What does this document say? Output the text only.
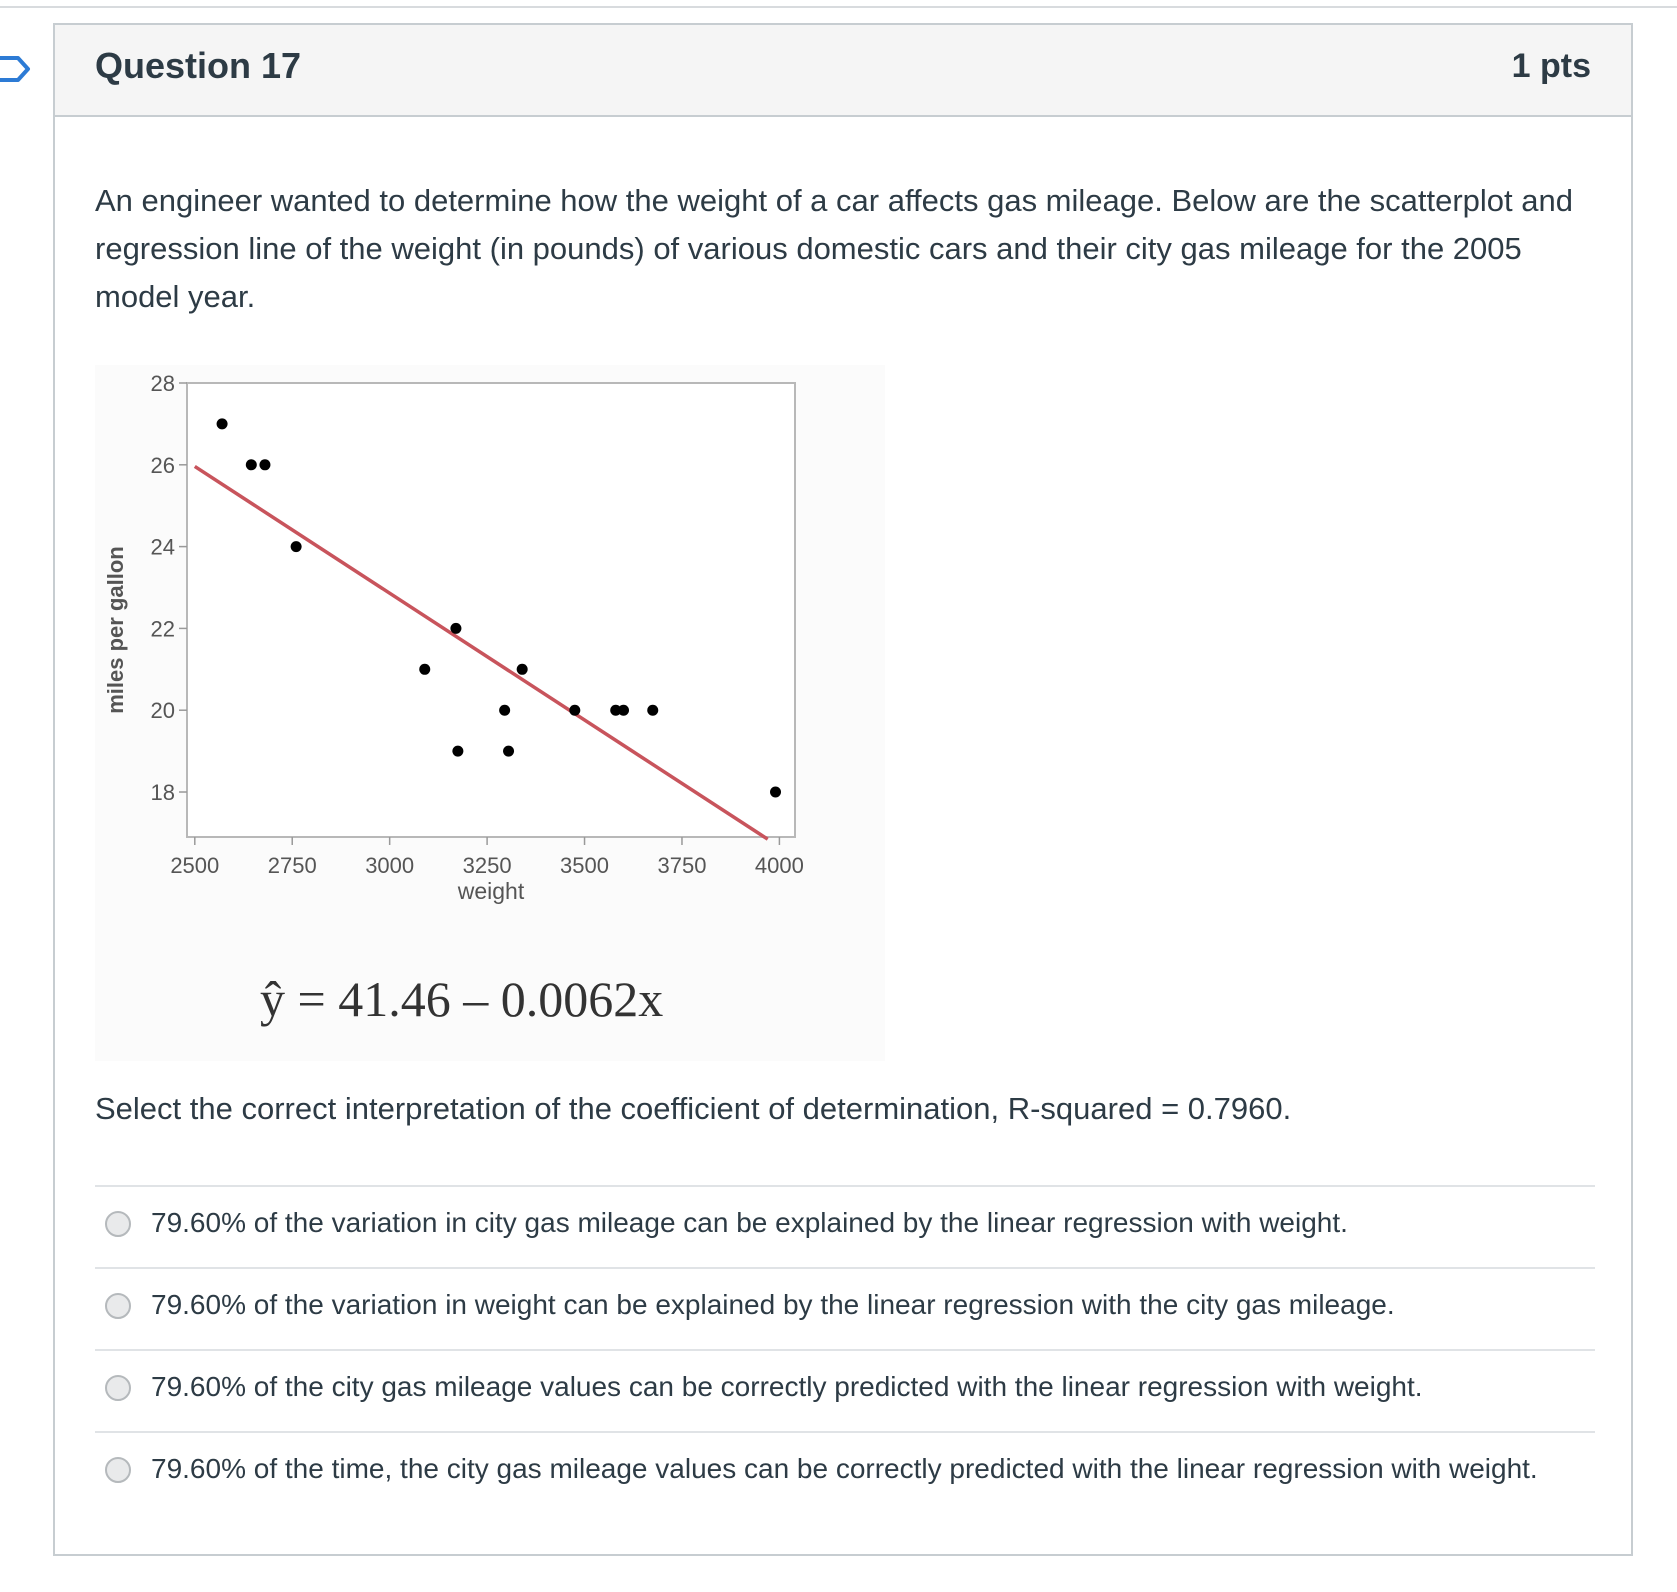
Question 17	1 pts
An engineer wanted to determine how the weight of a car affects gas mileage. Below are the scatterplot and regression line of the weight (in pounds) of various domestic cars and their city gas mileage for the 2005 model year.
18
20
22
24
26
28
2500 2750 3000 3250 3500 3750 4000
weight
miles per gallon
ŷ = 41.46 – 0.0062x
Select the correct interpretation of the coefficient of determination, R-squared = 0.7960.
79.60% of the variation in city gas mileage can be explained by the linear regression with weight.
79.60% of the variation in weight can be explained by the linear regression with the city gas mileage.
79.60% of the city gas mileage values can be correctly predicted with the linear regression with weight.
79.60% of the time, the city gas mileage values can be correctly predicted with the linear regression with weight.
